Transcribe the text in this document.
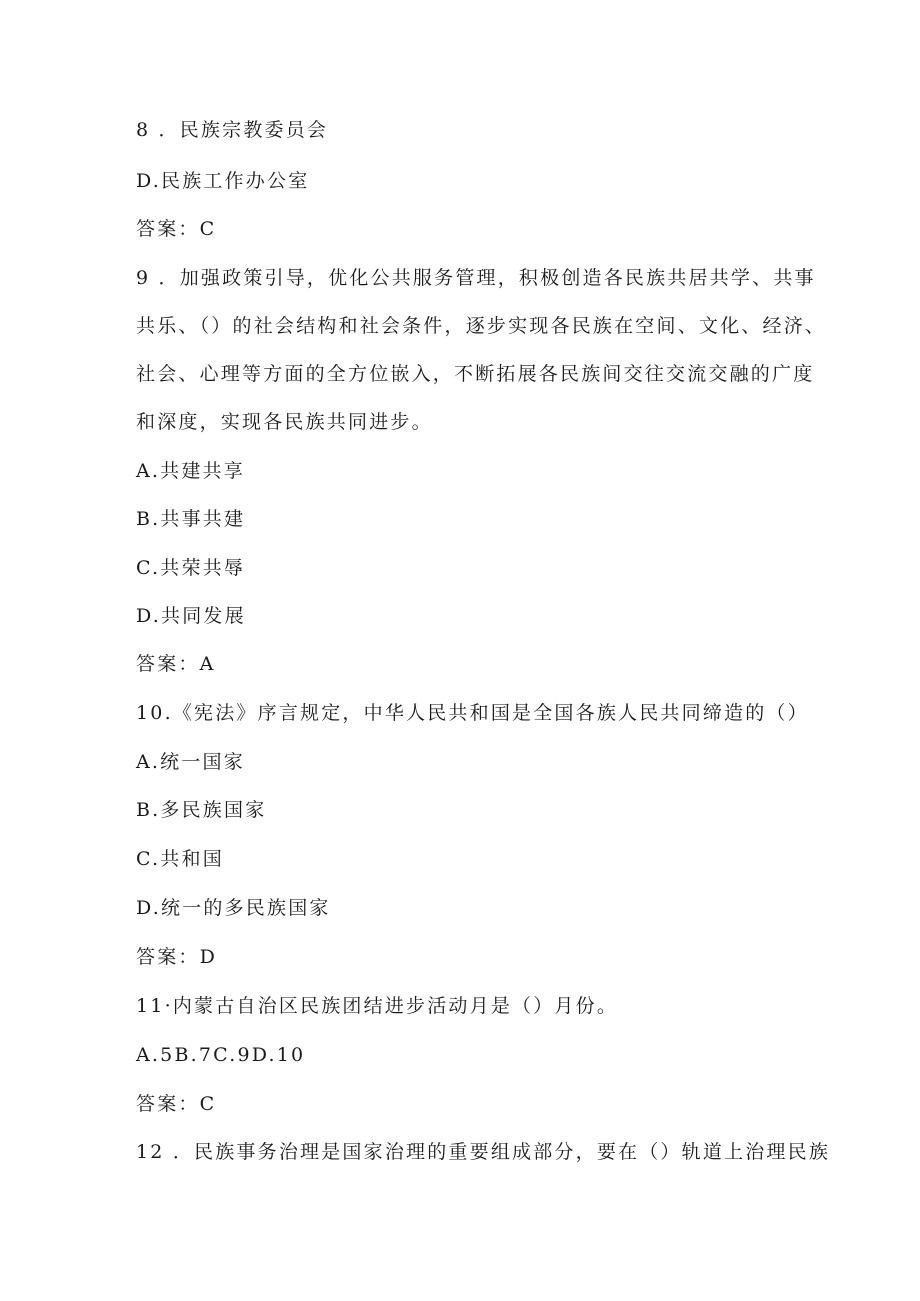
8 ．民族宗教委员会
D.民族工作办公室
答案：C
9 ．加强政策引导，优化公共服务管理，积极创造各民族共居共学、共事
共乐、（）的社会结构和社会条件，逐步实现各民族在空间、文化、经济、
社会、心理等方面的全方位嵌入，不断拓展各民族间交往交流交融的广度
和深度，实现各民族共同进步。
A.共建共享
B.共事共建
C.共荣共辱
D.共同发展
答案：A
10.《宪法》序言规定，中华人民共和国是全国各族人民共同缔造的（）
A.统一国家
B.多民族国家
C.共和国
D.统一的多民族国家
答案：D
11·内蒙古自治区民族团结进步活动月是（）月份。
A.5B.7C.9D.10
答案：C
12 ．民族事务治理是国家治理的重要组成部分，要在（）轨道上治理民族
